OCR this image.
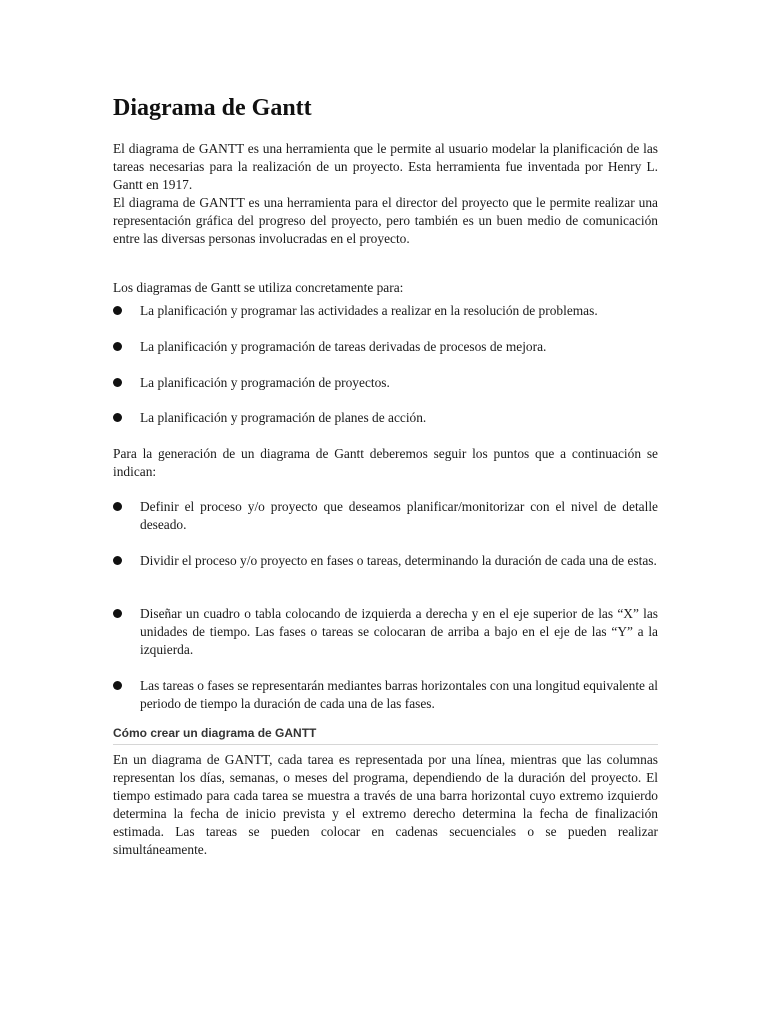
Diagrama de Gantt

El diagrama de GANTT es una herramienta que le permite al usuario modelar la planificación de las tareas necesarias para la realización de un proyecto. Esta herramienta fue inventada por Henry L. Gantt en 1917.

El diagrama de GANTT es una herramienta para el director del proyecto que le permite realizar una representación gráfica del progreso del proyecto, pero también es un buen medio de comunicación entre las diversas personas involucradas en el proyecto.

Los diagramas de Gantt se utiliza concretamente para:

La planificación y programar las actividades a realizar en la resolución de problemas.
La planificación y programación de tareas derivadas de procesos de mejora.
La planificación y programación de proyectos.
La planificación y programación de planes de acción.

Para la generación de un diagrama de Gantt deberemos seguir los puntos que a continuación se indican:

Definir el proceso y/o proyecto que deseamos planificar/monitorizar con el nivel de detalle deseado.
Dividir el proceso y/o proyecto en fases o tareas, determinando la duración de cada una de estas.
Diseñar un cuadro o tabla colocando de izquierda a derecha y en el eje superior de las “X” las unidades de tiempo. Las fases o tareas se colocaran de arriba a bajo en el eje de las “Y” a la izquierda.
Las tareas o fases se representarán mediantes barras horizontales con una longitud equivalente al periodo de tiempo la duración de cada una de las fases.
Cómo crear un diagrama de GANTT

En un diagrama de GANTT, cada tarea es representada por una línea, mientras que las columnas representan los días, semanas, o meses del programa, dependiendo de la duración del proyecto. El tiempo estimado para cada tarea se muestra a través de una barra horizontal cuyo extremo izquierdo determina la fecha de inicio prevista y el extremo derecho determina la fecha de finalización estimada. Las tareas se pueden colocar en cadenas secuenciales o se pueden realizar simultáneamente.
